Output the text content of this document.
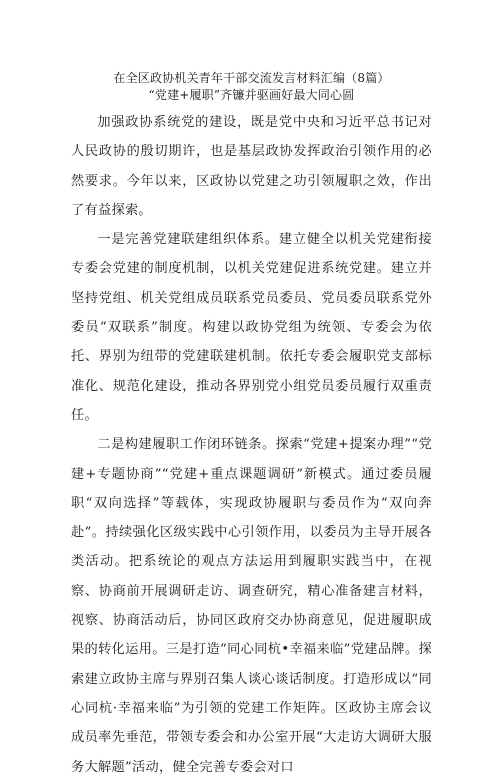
在全区政协机关青年干部交流发言材料汇编（8篇）

“党建+履职”齐镰并驱画好最大同心圆

加强政协系统党的建设，既是党中央和习近平总书记对人民政协的殷切期许，也是基层政协发挥政治引领作用的必然要求。今年以来，区政协以党建之功引领履职之效，作出了有益探索。

一是完善党建联建组织体系。建立健全以机关党建衔接专委会党建的制度机制，以机关党建促进系统党建。建立并坚持党组、机关党组成员联系党员委员、党员委员联系党外委员“双联系”制度。构建以政协党组为统领、专委会为依托、界别为纽带的党建联建机制。依托专委会履职党支部标准化、规范化建设，推动各界别党小组党员委员履行双重责任。

二是构建履职工作闭环链条。探索“党建+提案办理”“党建+专题协商”“党建+重点课题调研”新模式。通过委员履职“双向选择”等载体，实现政协履职与委员作为“双向奔赴”。持续强化区级实践中心引领作用，以委员为主导开展各类活动。把系统论的观点方法运用到履职实践当中，在视察、协商前开展调研走访、调查研究，精心准备建言材料，视察、协商活动后，协同区政府交办协商意见，促进履职成果的转化运用。三是打造“同心同杭•幸福来临”党建品牌。探索建立政协主席与界别召集人谈心谈话制度。打造形成以“同心同杭·幸福来临”为引领的党建工作矩阵。区政协主席会议成员率先垂范，带领专委会和办公室开展“大走访大调研大服务大解题”活动，健全完善专委会对口
